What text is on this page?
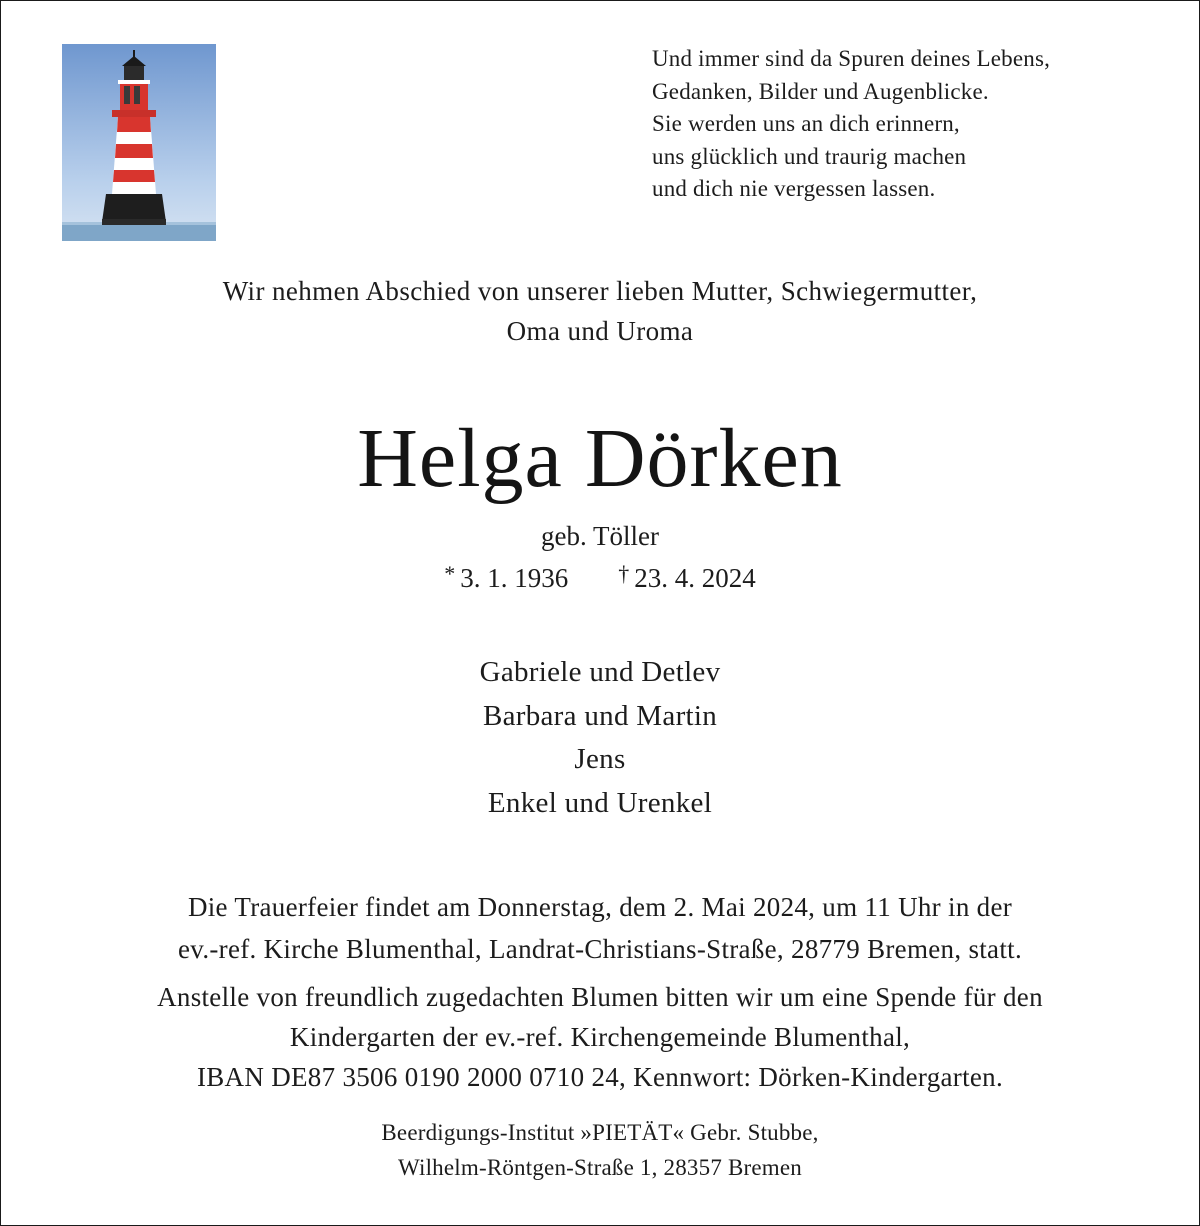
Und immer sind da Spuren deines Lebens,
Gedanken, Bilder und Augenblicke.
Sie werden uns an dich erinnern,
uns glücklich und traurig machen
und dich nie vergessen lassen.
Wir nehmen Abschied von unserer lieben Mutter, Schwiegermutter,
Oma und Uroma
Helga Dörken
geb. Töller
* 3. 1. 1936 † 23. 4. 2024
Gabriele und Detlev
Barbara und Martin
Jens
Enkel und Urenkel
Die Trauerfeier findet am Donnerstag, dem 2. Mai 2024, um 11 Uhr in der
ev.-ref. Kirche Blumenthal, Landrat-Christians-Straße, 28779 Bremen, statt.
Anstelle von freundlich zugedachten Blumen bitten wir um eine Spende für den
Kindergarten der ev.-ref. Kirchengemeinde Blumenthal,
IBAN DE87 3506 0190 2000 0710 24, Kennwort: Dörken-Kindergarten.
Beerdigungs-Institut »PIETÄT« Gebr. Stubbe,
Wilhelm-Röntgen-Straße 1, 28357 Bremen
